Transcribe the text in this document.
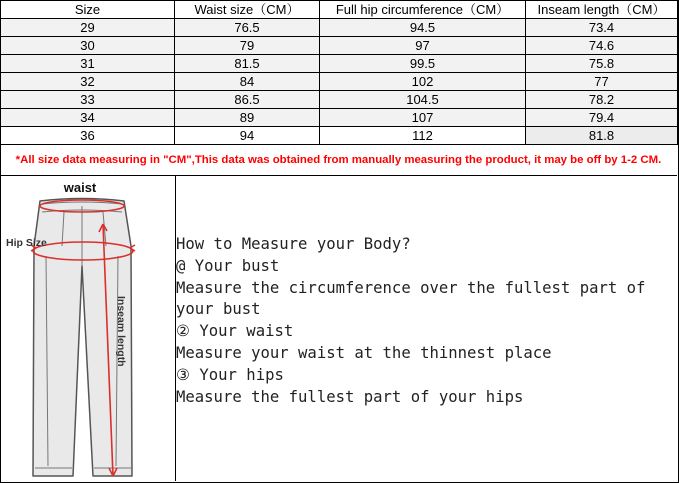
Size	Waist size（CM）	Full hip circumference（CM）	Inseam length（CM）
29	76.5	94.5	73.4
30	79	97	74.6
31	81.5	99.5	75.8
32	84	102	77
33	86.5	104.5	78.2
34	89	107	79.4
36	94	112	81.8
*All size data measuring in "CM",This data was obtained from manually measuring the product, it may be off by 1-2 CM.
waist
Hip Size
Inseam length
How to Measure your Body?
@ Your bust
Measure the circumference over the fullest part of
your bust
② Your waist
Measure your waist at the thinnest place
③ Your hips
Measure the fullest part of your hips
